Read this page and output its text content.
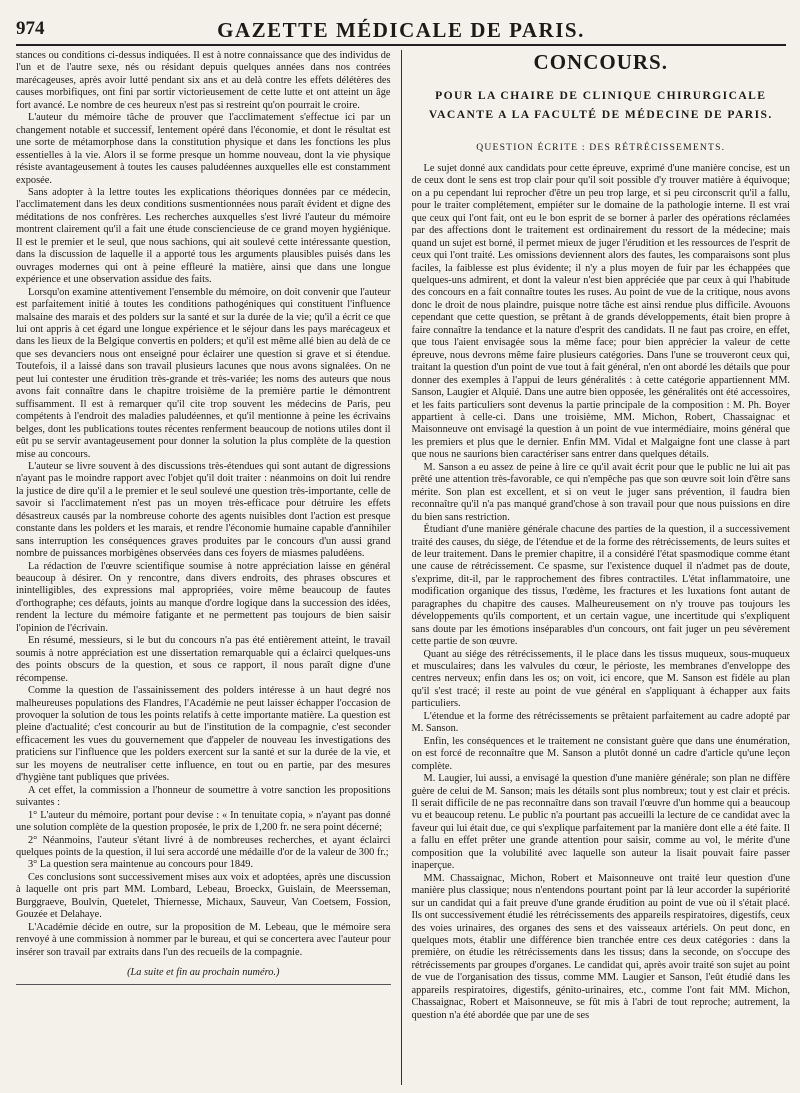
974	GAZETTE MÉDICALE DE PARIS.

stances ou conditions ci-dessus indiquées. Il est à notre connaissance que des individus de l'un et de l'autre sexe, nés ou résidant depuis quelques années dans nos contrées marécageuses, après avoir lutté pendant six ans et au delà contre les effets délétères des causes morbifiques, ont fini par sortir victorieusement de cette lutte et ont atteint un âge fort avancé. Le nombre de ces heureux n'est pas si restreint qu'on pourrait le croire.

L'auteur du mémoire tâche de prouver que l'acclimatement s'effectue ici par un changement notable et successif, lentement opéré dans l'économie, et dont le résultat est une sorte de métamorphose dans la constitution physique et dans les fonctions les plus essentielles à la vie. Alors il se forme presque un homme nouveau, dont la vie physique résiste avantageusement à toutes les causes paludéennes auxquelles elle est constamment exposée.

Sans adopter à la lettre toutes les explications théoriques données par ce médecin, l'acclimatement dans les deux conditions susmentionnées nous paraît évident et digne des méditations de nos confrères. Les recherches auxquelles s'est livré l'auteur du mémoire montrent clairement qu'il a fait une étude consciencieuse de ce grand moyen hygiénique. Il est le premier et le seul, que nous sachions, qui ait soulevé cette intéressante question, dans la discussion de laquelle il a apporté tous les arguments plausibles puisés dans les ouvrages modernes qui ont à peine effleuré la matière, ainsi que dans une longue expérience et une observation assidue des faits.

Lorsqu'on examine attentivement l'ensemble du mémoire, on doit convenir que l'auteur est parfaitement initié à toutes les conditions pathogéniques qui constituent l'influence malsaine des marais et des polders sur la santé et sur la durée de la vie; qu'il a écrit ce que lui ont appris à cet égard une longue expérience et le séjour dans les pays marécageux et dans les lieux de la Belgique convertis en polders; et qu'il est même allé bien au delà de ce que ses devanciers nous ont enseigné pour éclairer une question si grave et si étendue. Toutefois, il a laissé dans son travail plusieurs lacunes que nous avons signalées. On ne peut lui contester une érudition très-grande et très-variée; les noms des auteurs que nous avons fait connaître dans le chapitre troisième de la première partie le démontrent suffisamment. Il est à remarquer qu'il cite trop souvent les médecins de Paris, peu compétents à l'endroit des maladies paludéennes, et qu'il mentionne à peine les écrivains belges, dont les publications toutes récentes renferment beaucoup de notions utiles dont il eût pu se servir avantageusement pour donner la solution la plus complète de la question mise au concours.

L'auteur se livre souvent à des discussions très-étendues qui sont autant de digressions n'ayant pas le moindre rapport avec l'objet qu'il doit traiter : néanmoins on doit lui rendre la justice de dire qu'il a le premier et le seul soulevé une question très-importante, celle de savoir si l'acclimatement n'est pas un moyen très-efficace pour détruire les effets désastreux causés par la nombreuse cohorte des agents nuisibles dont l'action est presque constante dans les polders et les marais, et rendre l'économie humaine capable d'annihiler sans interruption les conséquences graves produites par le concours d'un aussi grand nombre de puissances morbigènes observées dans ces foyers de miasmes paludéens.

La rédaction de l'œuvre scientifique soumise à notre appréciation laisse en général beaucoup à désirer. On y rencontre, dans divers endroits, des phrases obscures et inintelligibles, des expressions mal appropriées, voire même beaucoup de fautes d'orthographe; ces défauts, joints au manque d'ordre logique dans la succession des idées, rendent la lecture du mémoire fatigante et ne permettent pas toujours de bien saisir l'opinion de l'écrivain.

En résumé, messieurs, si le but du concours n'a pas été entièrement atteint, le travail soumis à notre appréciation est une dissertation remarquable qui a éclairci quelques-uns des points obscurs de la question, et sous ce rapport, il nous paraît digne d'une récompense.

Comme la question de l'assainissement des polders intéresse à un haut degré nos malheureuses populations des Flandres, l'Académie ne peut laisser échapper l'occasion de provoquer la solution de tous les points relatifs à cette importante matière. La question est pleine d'actualité; c'est concourir au but de l'institution de la compagnie, c'est seconder efficacement les vues du gouvernement que d'appeler de nouveau les investigations des praticiens sur l'influence que les polders exercent sur la santé et sur la durée de la vie, et sur les moyens de neutraliser cette influence, en tout ou en partie, par des mesures d'hygiène tant publiques que privées.

A cet effet, la commission a l'honneur de soumettre à votre sanction les propositions suivantes :

1° L'auteur du mémoire, portant pour devise : « In tenuitate copia, » n'ayant pas donné une solution complète de la question proposée, le prix de 1,200 fr. ne sera point décerné;

2° Néanmoins, l'auteur s'étant livré à de nombreuses recherches, et ayant éclairci quelques points de la question, il lui sera accordé une médaille d'or de la valeur de 300 fr.;

3° La question sera maintenue au concours pour 1849.

Ces conclusions sont successivement mises aux voix et adoptées, après une discussion à laquelle ont pris part MM. Lombard, Lebeau, Broeckx, Guislain, de Meersseman, Burggraeve, Boulvin, Quetelet, Thiernesse, Michaux, Sauveur, Van Coetsem, Fossion, Gouzée et Delahaye.

L'Académie décide en outre, sur la proposition de M. Lebeau, que le mémoire sera renvoyé à une commission à nommer par le bureau, et qui se concertera avec l'auteur pour insérer son travail par extraits dans l'un des recueils de la compagnie.

(La suite et fin au prochain numéro.)
CONCOURS.
POUR LA CHAIRE DE CLINIQUE CHIRURGICALE VACANTE A LA FACULTÉ DE MÉDECINE DE PARIS.
QUESTION ÉCRITE : DES RÉTRÉCISSEMENTS.

Le sujet donné aux candidats pour cette épreuve, exprimé d'une manière concise, est un de ceux dont le sens est trop clair pour qu'il soit possible d'y trouver matière à équivoque; on a pu cependant lui reprocher d'être un peu trop large, et si peu circonscrit qu'il a fallu, pour le traiter complétement, empiéter sur le domaine de la pathologie interne. Il est vrai que ceux qui l'ont fait, ont eu le bon esprit de se borner à parler des opérations réclamées par des affections dont le traitement est ordinairement du ressort de la médecine; mais quand un sujet est borné, il permet mieux de juger l'érudition et les ressources de l'esprit de ceux qui l'ont traité. Les omissions deviennent alors des fautes, les comparaisons sont plus faciles, la faiblesse est plus évidente; il n'y a plus moyen de fuir par les échappées que quelques-uns admirent, et dont la valeur n'est bien appréciée que par ceux à qui l'habitude des concours en a fait connaître toutes les ruses. Au point de vue de la critique, nous avons donc le droit de nous plaindre, puisque notre tâche est ainsi rendue plus difficile. Avouons cependant que cette question, se prêtant à de grands développements, était bien propre à faire connaître la tendance et la nature d'esprit des candidats. Il ne faut pas croire, en effet, que tous l'aient envisagée sous la même face; pour bien apprécier la valeur de cette épreuve, nous devrons même faire plusieurs catégories. Dans l'une se trouveront ceux qui, traitant la question d'un point de vue tout à fait général, n'en ont abordé les détails que pour donner des exemples à l'appui de leurs généralités : à cette catégorie appartiennent MM. Sanson, Laugier et Alquié. Dans une autre bien opposée, les généralités ont été accessoires, et les faits particuliers sont devenus la partie principale de la composition : M. Ph. Boyer appartient à celle-ci. Dans une troisième, MM. Michon, Robert, Chassaignac et Maisonneuve ont envisagé la question à un point de vue intermédiaire, moins général que les premiers et plus que le dernier. Enfin MM. Vidal et Malgaigne font une classe à part que nous ne saurions bien caractériser sans entrer dans quelques détails.

M. Sanson a eu assez de peine à lire ce qu'il avait écrit pour que le public ne lui ait pas prêté une attention très-favorable, ce qui n'empêche pas que son œuvre soit loin d'être sans mérite. Son plan est excellent, et si on veut le juger sans prévention, il faudra bien reconnaître qu'il n'a pas manqué grand'chose à son travail pour que nous puissions en dire du bien sans restriction.

Étudiant d'une manière générale chacune des parties de la question, il a successivement traité des causes, du siége, de l'étendue et de la forme des rétrécissements, de leurs suites et de leur traitement. Dans le premier chapitre, il a considéré l'état spasmodique comme étant une cause de rétrécissement. Ce spasme, sur l'existence duquel il n'admet pas de doute, s'exprime, dit-il, par le rapprochement des fibres contractiles. L'état inflammatoire, une modification organique des tissus, l'œdème, les fractures et les luxations font autant de paragraphes du chapitre des causes. Malheureusement on n'y trouve pas toujours les développements qu'ils comportent, et un certain vague, une incertitude qui s'expliquent sans doute par les émotions inséparables d'un concours, ont fait juger un peu sévèrement cette partie de son œuvre.

Quant au siége des rétrécissements, il le place dans les tissus muqueux, sous-muqueux et musculaires; dans les valvules du cœur, le périoste, les membranes d'enveloppe des centres nerveux; enfin dans les os; on voit, ici encore, que M. Sanson est fidèle au plan qu'il s'est tracé; il reste au point de vue général en s'appliquant à échapper aux faits particuliers.

L'étendue et la forme des rétrécissements se prêtaient parfaitement au cadre adopté par M. Sanson.

Enfin, les conséquences et le traitement ne consistant guère que dans une énumération, on est forcé de reconnaître que M. Sanson a plutôt donné un cadre d'article qu'une leçon complète.

M. Laugier, lui aussi, a envisagé la question d'une manière générale; son plan ne diffère guère de celui de M. Sanson; mais les détails sont plus nombreux; tout y est clair et précis. Il serait difficile de ne pas reconnaître dans son travail l'œuvre d'un homme qui a beaucoup vu et beaucoup retenu. Le public n'a pourtant pas accueilli la lecture de ce candidat avec la faveur qui lui était due, ce qui s'explique parfaitement par la manière dont elle a été faite. Il a fallu en effet prêter une grande attention pour saisir, comme au vol, le mérite d'une composition que la volubilité avec laquelle son auteur la lisait pouvait faire passer inaperçue.

MM. Chassaignac, Michon, Robert et Maisonneuve ont traité leur question d'une manière plus classique; nous n'entendons pourtant point par là leur accorder la supériorité sur un candidat qui a fait preuve d'une grande érudition au point de vue où il s'était placé. Ils ont successivement étudié les rétrécissements des appareils respiratoires, digestifs, ceux des voies urinaires, des organes des sens et des vaisseaux artériels. On peut donc, en quelques mots, établir une différence bien tranchée entre ces deux catégories : dans la première, on étudie les rétrécissements dans les tissus; dans la seconde, on s'occupe des rétrécissements par groupes d'organes. Le candidat qui, après avoir traité son sujet au point de vue de l'organisation des tissus, comme MM. Laugier et Sanson, l'eût étudié dans les appareils respiratoires, digestifs, génito-urinaires, etc., comme l'ont fait MM. Michon, Chassaignac, Robert et Maisonneuve, se fût mis à l'abri de tout reproche; autrement, la question n'a été abordée que par une de ses
